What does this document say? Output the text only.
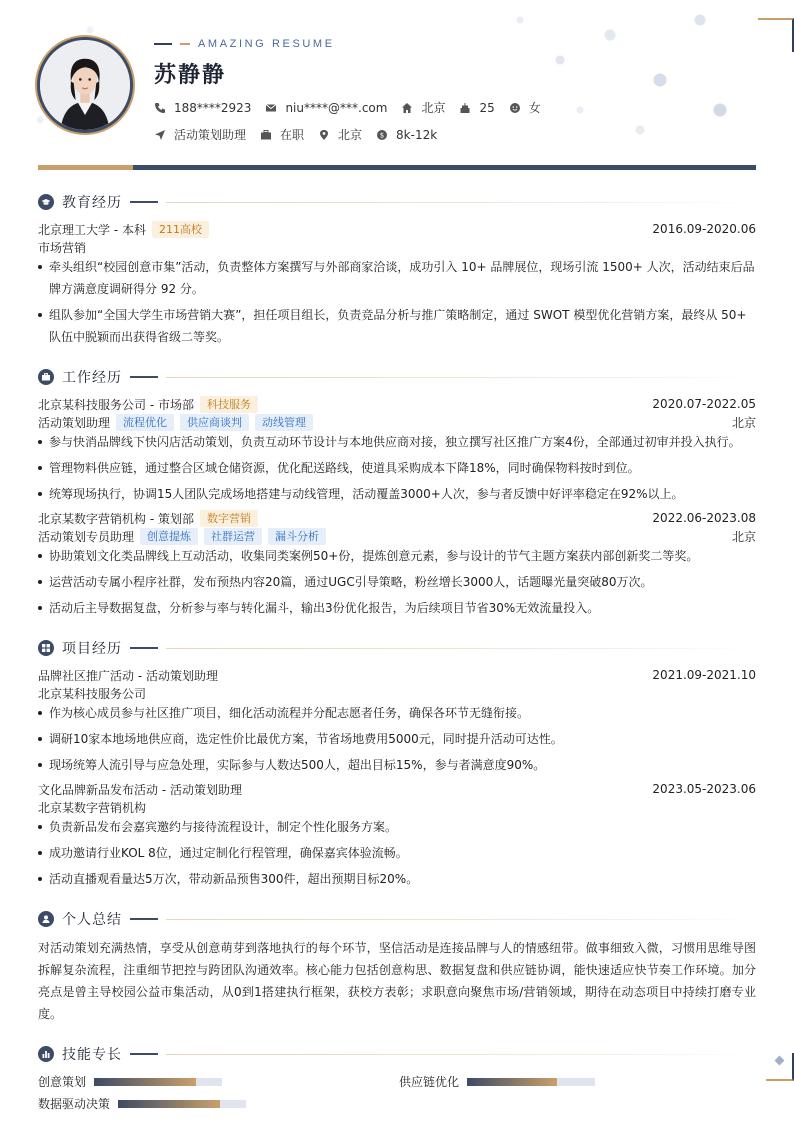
AMAZING RESUME
苏静静
188****2923	niu****@***.com	北京	25	女
活动策划助理	在职	北京	$ 8k-12k
教育经历
北京理工大学 - 本科	211高校	2016.09-2020.06
市场营销
牵头组织“校园创意市集”活动，负责整体方案撰写与外部商家洽谈，成功引入 10+ 品牌展位，现场引流 1500+ 人次，活动结束后品牌方满意度调研得分 92 分。
组队参加“全国大学生市场营销大赛”，担任项目组长，负责竞品分析与推广策略制定，通过 SWOT 模型优化营销方案，最终从 50+ 队伍中脱颖而出获得省级二等奖。
工作经历
北京某科技服务公司 - 市场部	科技服务	2020.07-2022.05
活动策划助理	流程优化	供应商谈判	动线管理	北京
参与快消品牌线下快闪店活动策划，负责互动环节设计与本地供应商对接，独立撰写社区推广方案4份，全部通过初审并投入执行。
管理物料供应链，通过整合区域仓储资源，优化配送路线，使道具采购成本下降18%，同时确保物料按时到位。
统筹现场执行，协调15人团队完成场地搭建与动线管理，活动覆盖3000+人次，参与者反馈中好评率稳定在92%以上。
北京某数字营销机构 - 策划部	数字营销	2022.06-2023.08
活动策划专员助理	创意提炼	社群运营	漏斗分析	北京
协助策划文化类品牌线上互动活动，收集同类案例50+份，提炼创意元素，参与设计的节气主题方案获内部创新奖二等奖。
运营活动专属小程序社群，发布预热内容20篇，通过UGC引导策略，粉丝增长3000人，话题曝光量突破80万次。
活动后主导数据复盘，分析参与率与转化漏斗，输出3份优化报告，为后续项目节省30%无效流量投入。
项目经历
品牌社区推广活动 - 活动策划助理	2021.09-2021.10
北京某科技服务公司
作为核心成员参与社区推广项目，细化活动流程并分配志愿者任务，确保各环节无缝衔接。
调研10家本地场地供应商，选定性价比最优方案，节省场地费用5000元，同时提升活动可达性。
现场统筹人流引导与应急处理，实际参与人数达500人，超出目标15%，参与者满意度90%。
文化品牌新品发布活动 - 活动策划助理	2023.05-2023.06
北京某数字营销机构
负责新品发布会嘉宾邀约与接待流程设计，制定个性化服务方案。
成功邀请行业KOL 8位，通过定制化行程管理，确保嘉宾体验流畅。
活动直播观看量达5万次，带动新品预售300件，超出预期目标20%。
个人总结
对活动策划充满热情，享受从创意萌芽到落地执行的每个环节，坚信活动是连接品牌与人的情感纽带。做事细致入微，习惯用思维导图拆解复杂流程，注重细节把控与跨团队沟通效率。核心能力包括创意构思、数据复盘和供应链协调，能快速适应快节奏工作环境。加分亮点是曾主导校园公益市集活动，从0到1搭建执行框架，获校方表彰；求职意向聚焦市场/营销领域，期待在动态项目中持续打磨专业度。
技能专长
创意策划	供应链优化
数据驱动决策
